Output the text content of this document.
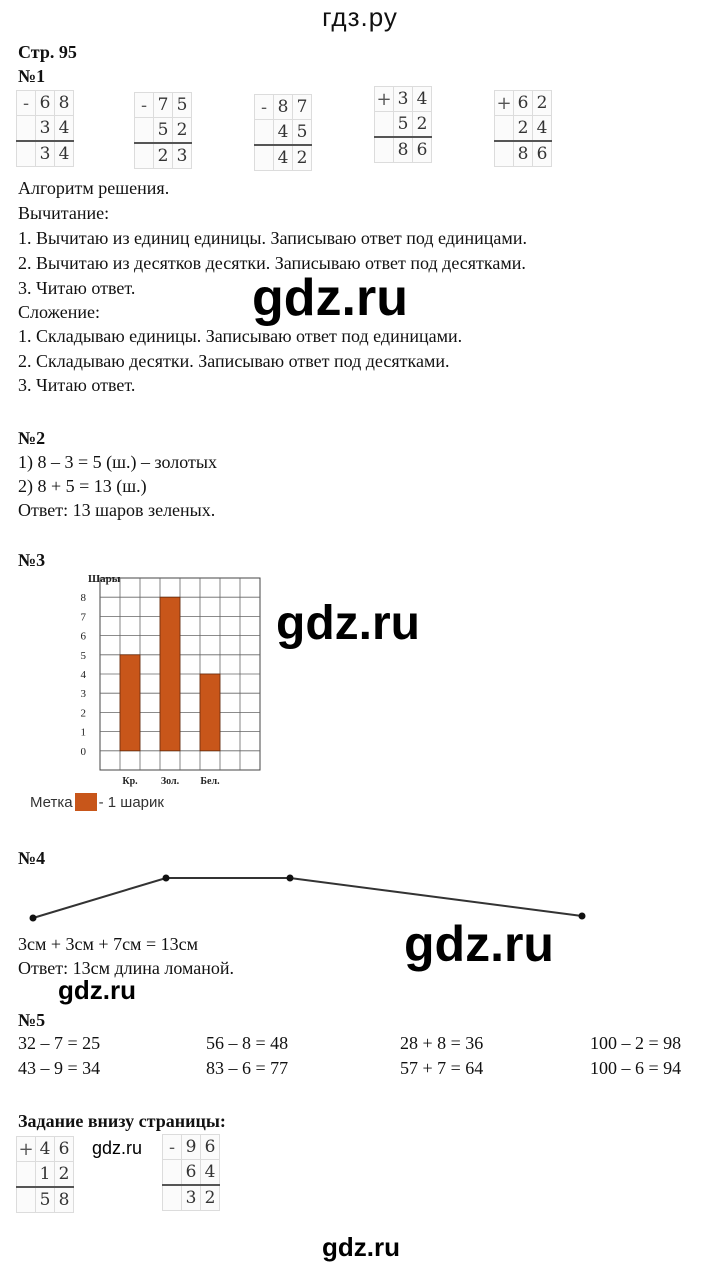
гдз.ру
Стр. 95
№1
-	6	8
	3	4
	3	4
-	7	5
	5	2
	2	3
-	8	7
	4	5
	4	2
+	3	4
	5	2
	8	6
+	6	2
	2	4
	8	6
Алгоритм решения.
Вычитание:
1. Вычитаю из единиц единицы. Записываю ответ под единицами.
2. Вычитаю из десятков десятки. Записываю ответ под десятками.
3. Читаю ответ.
Сложение:
1. Складываю единицы. Записываю ответ под единицами.
2. Складываю десятки. Записываю ответ под десятками.
3. Читаю ответ.
№2
1) 8 – 3 = 5 (ш.) – золотых
2) 8 + 5 = 13 (ш.)
Ответ: 13 шаров зеленых.
№3
Шары
0
1
2
3
4
5
6
7
8
Кр. Зол. Бел.
Метка - 1 шарик
№4
3см + 3см + 7см = 13см
Ответ: 13см длина ломаной.
№5
32 – 7 = 25	56 – 8 = 48	28 + 8 = 36	100 – 2 = 98
43 – 9 = 34	83 – 6 = 77	57 + 7 = 64	100 – 6 = 94
Задание внизу страницы:
+	4	6
	1	2
	5	8
-	9	6
	6	4
	3	2
gdz.ru
gdz.ru
gdz.ru
gdz.ru
gdz.ru
gdz.ru
